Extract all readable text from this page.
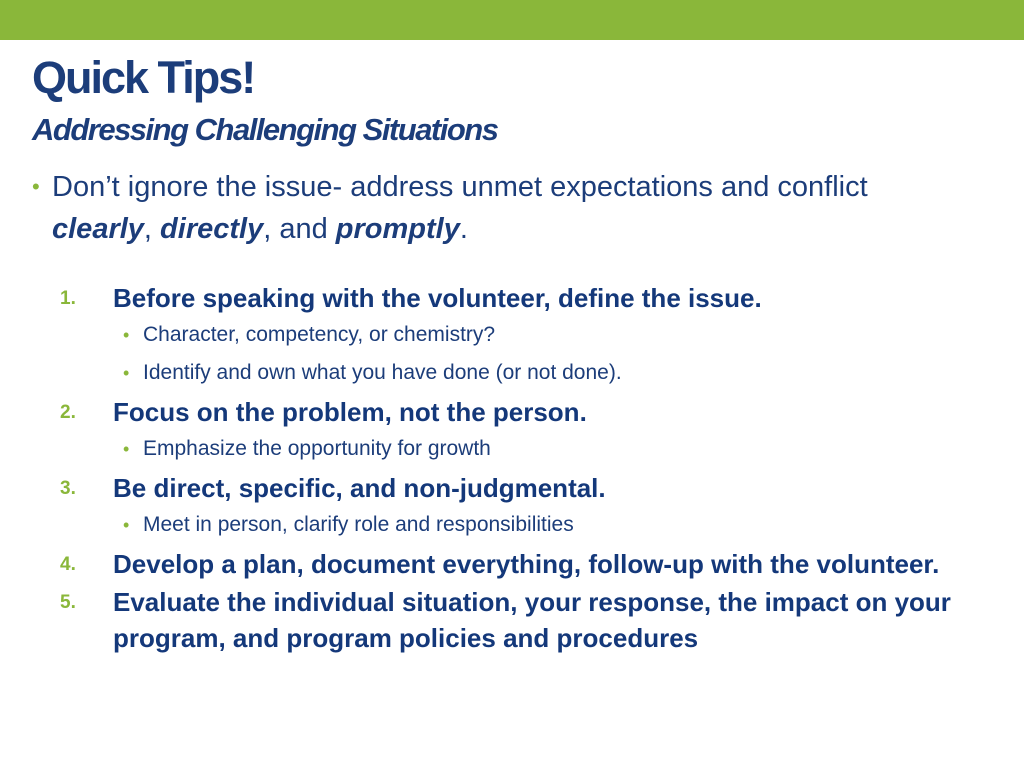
Quick Tips!
Addressing Challenging Situations
• Don’t ignore the issue- address unmet expectations and conflict clearly, directly, and promptly.
1.	Before speaking with the volunteer, define the issue.
• Character, competency, or chemistry?
• Identify and own what you have done (or not done).
2.	Focus on the problem, not the person.
• Emphasize the opportunity for growth
3.	Be direct, specific, and non-judgmental.
• Meet in person, clarify role and responsibilities
4.	Develop a plan, document everything, follow-up with the volunteer.
5.	Evaluate the individual situation, your response, the impact on your program, and program policies and procedures
